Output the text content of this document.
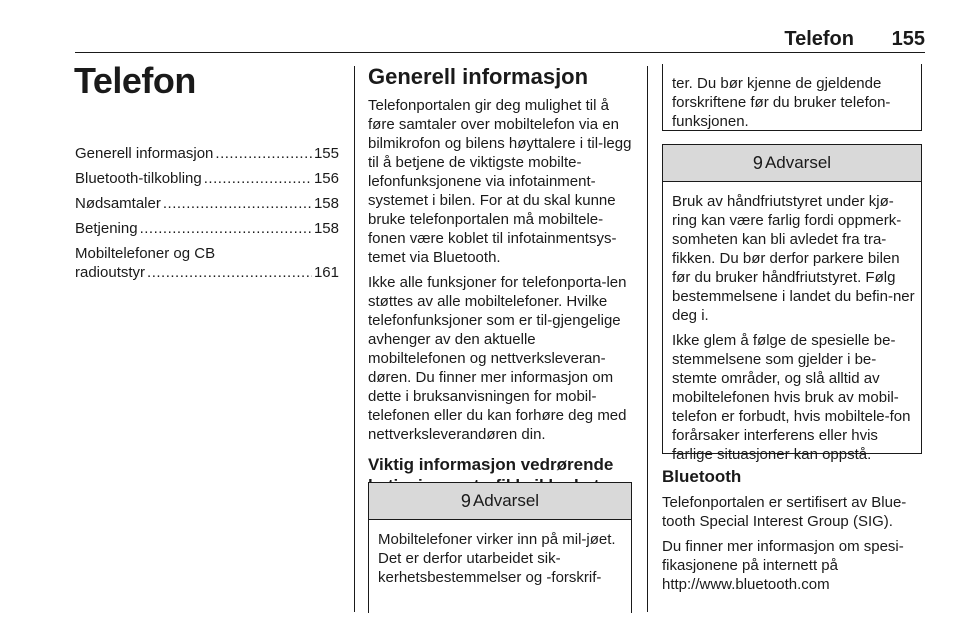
Telefon 155
Telefon
Generell informasjon .....	155
Bluetooth-tilkobling .....	156
Nødsamtaler .....	158
Betjening .....	158
Mobiltelefoner og CB
radioutstyr .....	161
Generell informasjon

Telefonportalen gir deg mulighet til å føre samtaler over mobiltelefon via en bilmikrofon og bilens høyttalere i til-legg til å betjene de viktigste mobilte-lefonfunksjonene via infotainment-systemet i bilen. For at du skal kunne bruke telefonportalen må mobiltele-fonen være koblet til infotainmentsys-temet via Bluetooth.

Ikke alle funksjoner for telefonporta-len støttes av alle mobiltelefoner. Hvilke telefonfunksjoner som er til-gjengelige avhenger av den aktuelle mobiltelefonen og nettverksleveran-døren. Du finner mer informasjon om dette i bruksanvisningen for mobil-telefonen eller du kan forhøre deg med nettverksleverandøren din.

Viktig informasjon vedrørende
9 Advarsel

Mobiltelefoner virker inn på mil-jøet. Det er derfor utarbeidet sik-kerhetsbestemmelser og -forskrif-

ter. Du bør kjenne de gjeldende forskriftene før du bruker telefon-funksjonen.
9 Advarsel

Bruk av håndfriutstyret under kjø-ring kan være farlig fordi oppmerk-somheten kan bli avledet fra tra-fikken. Du bør derfor parkere bilen før du bruker håndfriutstyret. Følg bestemmelsene i landet du befin-ner deg i.

Ikke glem å følge de spesielle be-stemmelsene som gjelder i be-stemte områder, og slå alltid av mobiltelefonen hvis bruk av mobil-telefon er forbudt, hvis mobiltele-fon forårsaker interferens eller hvis farlige situasjoner kan oppstå.

Bluetooth

Telefonportalen er sertifisert av Blue-tooth Special Interest Group (SIG).

Du finner mer informasjon om spesi-fikasjonene på internett på

http://www.bluetooth.com
